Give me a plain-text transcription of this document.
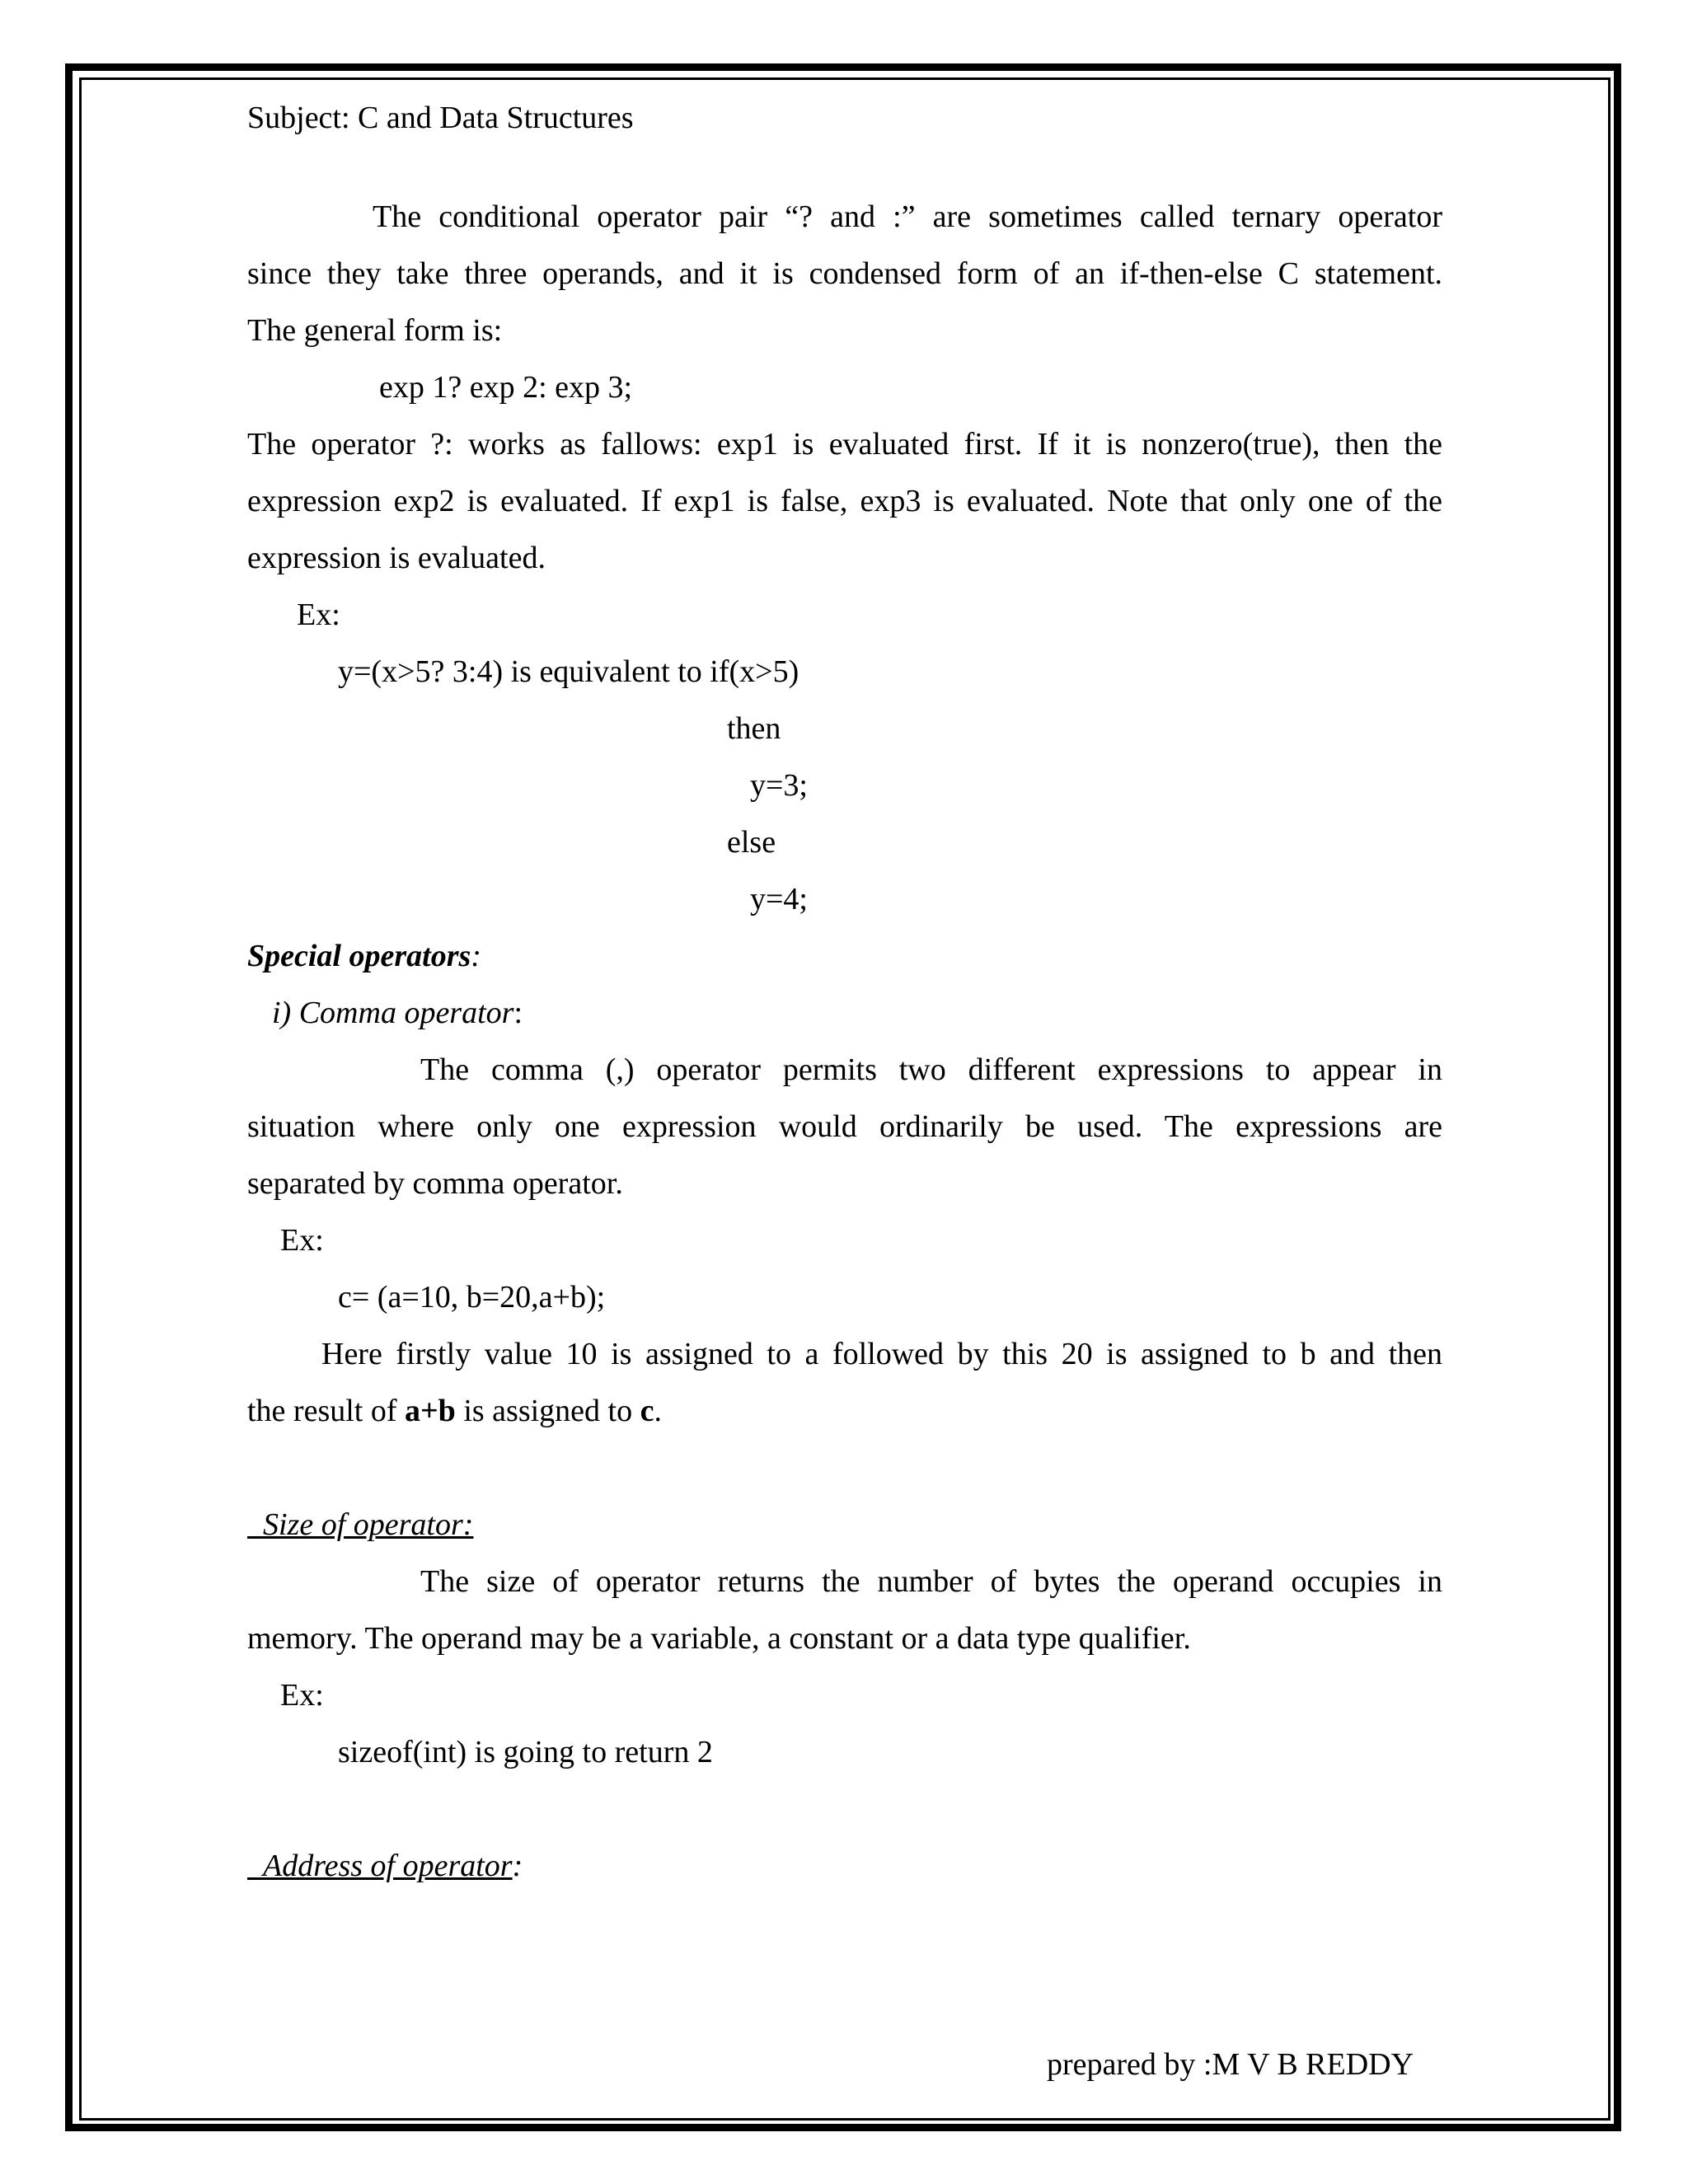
Subject: C and Data Structures
The conditional operator pair “? and :” are sometimes called ternary operator
since they take three operands, and it is condensed form of an if-then-else C statement.
The general form is:
exp 1? exp 2: exp 3;
The operator ?: works as fallows: exp1 is evaluated first. If it is nonzero(true), then the
expression exp2 is evaluated. If exp1 is false, exp3 is evaluated. Note that only one of the
expression is evaluated.
Ex:
y=(x>5? 3:4) is equivalent to if(x>5)
then
y=3;
else
y=4;
Special operators:
i) Comma operator:
The comma (,) operator permits two different expressions to appear in
situation where only one expression would ordinarily be used. The expressions are
separated by comma operator.
Ex:
c= (a=10, b=20,a+b);
Here firstly value 10 is assigned to a followed by this 20 is assigned to b and then
the result of a+b is assigned to c.
Size of operator:
The size of operator returns the number of bytes the operand occupies in
memory. The operand may be a variable, a constant or a data type qualifier.
Ex:
sizeof(int) is going to return 2
Address of operator:
prepared by :M V B REDDY
